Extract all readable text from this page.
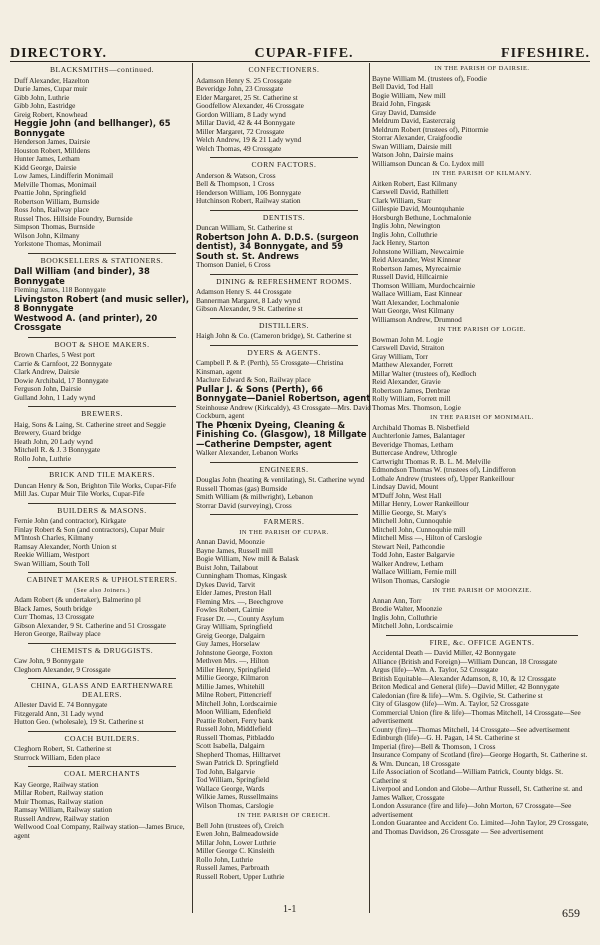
DIRECTORY.	CUPAR-FIFE.	FIFESHIRE.
BLACKSMITHS—continued.
Duff Alexander, Hazelton
Durie James, Cupar muir
Gibb John, Luthrie
Gibb John, Eastridge
Greig Robert, Knowhead
Heggie John (and bellhanger), 65 Bonnygate
Henderson James, Dairsie
Houston Robert, Milldens
Hunter James, Letham
Kidd George, Dairsie
Low James, Lindifferin Monimail
Melville Thomas, Monimail
Peattie John, Springfield
Robertson William, Burnside
Ross John, Railway place
Russel Thos. Hillside Foundry, Burnside
Simpson Thomas, Burnside
Wilson John, Kilmany
Yorkstone Thomas, Monimail
BOOKSELLERS & STATIONERS.
Dall William (and binder), 38 Bonnygate
Fleming James, 118 Bonnygate
Livingston Robert (and music seller), 8 Bonnygate
Westwood A. (and printer), 20 Crossgate
BOOT & SHOE MAKERS.
Brown Charles, 5 West port
Carrie & Carnfoot, 22 Bonnygate
Clark Andrew, Dairsie
Dowie Archibald, 17 Bonnygate
Ferguson John, Dairsie
Gulland John, 1 Lady wynd
BREWERS.
Haig, Sons & Laing, St. Catherine street and Seggie Brewery, Guard bridge
Heath John, 20 Lady wynd
Mitchell R. & J. 3 Bonnygate
Rollo John, Luthrie
BRICK AND TILE MAKERS.
Duncan Henry & Son, Brighton Tile Works, Cupar-Fife
Mill Jas. Cupar Muir Tile Works, Cupar-Fife
BUILDERS & MASONS.
Fernie John (and contractor), Kirkgate
Finlay Robert & Son (and contractors), Cupar Muir
M'Intosh Charles, Kilmany
Ramsay Alexander, North Union st
Reekie William, Westport
Swan William, South Toll
CABINET MAKERS & UPHOLSTERERS.
(See also Joiners.)
Adam Robert (& undertaker), Balmerino pl
Black James, South bridge
Curr Thomas, 13 Crossgate
Gibson Alexander, 9 St. Catherine and 51 Crossgate
Heron George, Railway place
CHEMISTS & DRUGGISTS.
Caw John, 9 Bonnygate
Cleghorn Alexander, 9 Crossgate
CHINA, GLASS AND EARTHENWARE DEALERS.
Allester David E. 74 Bonnygate
Fitzgerald Ann, 31 Lady wynd
Hutton Geo. (wholesale), 19 St. Catherine st
COACH BUILDERS.
Cleghorn Robert, St. Catherine st
Sturrock William, Eden place
COAL MERCHANTS
Kay George, Railway station
Millar Robert, Railway station
Muir Thomas, Railway station
Ramsay William, Railway station
Russell Andrew, Railway station
Wellwood Coal Company, Railway station—James Bruce, agent
CONFECTIONERS.
Adamson Henry S. 25 Crossgate
Beveridge John, 23 Crossgate
Elder Margaret, 25 St. Catherine st
Goodfellow Alexander, 46 Crossgate
Gordon William, 8 Lady wynd
Millar David, 42 & 44 Bonnygate
Miller Margaret, 72 Crossgate
Welch Andrew, 19 & 21 Lady wynd
Welch Thomas, 49 Crossgate
CORN FACTORS.
Anderson & Watson, Cross
Bell & Thompson, 1 Cross
Henderson William, 106 Bonnygate
Hutchinson Robert, Railway station
DENTISTS.
Duncan William, St. Catherine st
Robertson John A. D.D.S. (surgeon dentist), 34 Bonnygate, and 59 South st. St. Andrews
Thomson Daniel, 6 Cross
DINING & REFRESHMENT ROOMS.
Adamson Henry S. 44 Crossgate
Bannerman Margaret, 8 Lady wynd
Gibson Alexander, 9 St. Catherine st
DISTILLERS.
Haigh John & Co. (Cameron bridge), St. Catherine st
DYERS & AGENTS.
Campbell P. & P. (Perth), 55 Crossgate—Christina Kinsman, agent
Maclure Edward & Son, Railway place
Pullar J. & Sons (Perth), 66 Bonnygate—Daniel Robertson, agent
Steinhouse Andrew (Kirkcaldy), 43 Crossgate—Mrs. David Cockburn, agent
The Phœnix Dyeing, Cleaning & Finishing Co. (Glasgow), 18 Millgate—Catherine Dempster, agent
Walker Alexander, Lebanon Works
ENGINEERS.
Douglas John (heating & ventilating), St. Catherine wynd
Russell Thomas (gas) Burnside
Smith William (& millwright), Lebanon
Storrar David (surveying), Cross
FARMERS.
IN THE PARISH OF CUPAR.
Annan David, Moonzie
Bayne James, Russell mill
Bogie William, New mill & Balask
Buist John, Tailabout
Cunningham Thomas, Kingask
Dykes David, Tarvit
Elder James, Preston Hall
Fleming Mrs. —, Beechgrove
Fowles Robert, Cairnie
Fraser Dr. —, County Asylum
Gray William, Springfield
Greig George, Dalgairn
Guy James, Horselaw
Johnstone George, Foxton
Methven Mrs. —, Hilton
Miller Henry, Springfield
Millie George, Kilmaron
Millie James, Whitehill
Milne Robert, Pittencrieff
Mitchell John, Lordscairnie
Moon William, Edenfield
Peattie Robert, Ferry bank
Russell John, Middlefield
Russell Thomas, Pitbladdo
Scott Isabella, Dalgairn
Shepherd Thomas, Hilltarvet
Swan Patrick D. Springfield
Tod John, Balgarvie
Tod William, Springfield
Wallace George, Wards
Wilkie James, Russellmains
Wilson Thomas, Carslogie
IN THE PARISH OF CREICH.
Bell John (trustees of), Creich
Ewen John, Balmeadowside
Millar John, Lower Luthrie
Miller George C. Kinsleith
Rollo John, Luthrie
Russell James, Parbroath
Russell Robert, Upper Luthrie
IN THE PARISH OF DAIRSIE.
Bayne William M. (trustees of), Foodie
Bell David, Tod Hall
Bogie William, New mill
Braid John, Fingask
Gray David, Damside
Meldrum David, Eastercraig
Meldrum Robert (trustees of), Pittormie
Storrar Alexander, Craigfoodie
Swan William, Dairsie mill
Watson John, Dairsie mains
Williamson Duncan & Co. Lydox mill
IN THE PARISH OF KILMANY.
Aitken Robert, East Kilmany
Carswell David, Rathillett
Clark William, Starr
Gillespie David, Mountquhanie
Horsburgh Bethune, Lochmalonie
Inglis John, Newington
Inglis John, Colluthrie
Jack Henry, Starton
Johnstone William, Newcairnie
Reid Alexander, West Kinnear
Robertson James, Myrecairnie
Russell David, Hillcairnie
Thomson William, Murdochcairnie
Wallace William, East Kinnear
Watt Alexander, Lochmalonie
Watt George, West Kilmany
Williamson Andrew, Drumnod
IN THE PARISH OF LOGIE.
Bowman John M. Logie
Carswell David, Straiton
Gray William, Torr
Matthew Alexander, Forrett
Millar Walter (trustees of), Kedloch
Reid Alexander, Gravie
Robertson James, Denbrae
Rolly William, Forrett mill
Thomas Mrs. Thomson, Logie
IN THE PARISH OF MONIMAIL.
Archibald Thomas B. Nisbetfield
Auchterlonie James, Balantager
Beveridge Thomas, Letham
Buttercase Andrew, Uthrogle
Cartwright Thomas R. B. L. M. Melville
Edmondson Thomas W. (trustees of), Lindifferon
Lothale Andrew (trustees of), Upper Rankeillour
Lindsay David, Mount
M'Duff John, West Hall
Millar Henry, Lower Rankeillour
Millie George, St. Mary's
Mitchell John, Cunnoquhie
Mitchell John, Cunnoquhie mill
Mitchell Miss —, Hilton of Carslogie
Stewart Neil, Pathcondie
Todd John, Easter Balgarvie
Walker Andrew, Letham
Wallace William, Fernie mill
Wilson Thomas, Carslogie
IN THE PARISH OF MOONZIE.
Annan Ann, Torr
Brodie Walter, Moonzie
Inglis John, Colluthrie
Mitchell John, Lordscairnie
FIRE, &c. OFFICE AGENTS.
Accidental Death — David Miller, 42 Bonnygate
Alliance (British and Foreign)—William Duncan, 18 Crossgate
Argus (life)—Wm. A. Taylor, 52 Crossgate
British Equitable—Alexander Adamson, 8, 10, & 12 Crossgate
Briton Medical and General (life)—David Miller, 42 Bonnygate
Caledonian (fire & life)—Wm. S. Ogilvie, St. Catherine st
City of Glasgow (life)—Wm. A. Taylor, 52 Crossgate
Commercial Union (fire & life)—Thomas Mitchell, 14 Crossgate—See advertisement
County (fire)—Thomas Mitchell, 14 Crossgate—See advertisement
Edinburgh (life)—G. H. Pagan, 14 St. Catherine st
Imperial (fire)—Bell & Thomson, 1 Cross
Insurance Company of Scotland (fire)—George Hogarth, St. Catherine st. & Wm. Duncan, 18 Crossgate
Life Association of Scotland—William Patrick, County bldgs. St. Catherine st
Liverpool and London and Globe—Arthur Russell, St. Catherine st. and James Walker, Crossgate
London Assurance (fire and life)—John Morton, 67 Crossgate—See advertisement
London Guarantee and Accident Co. Limited—John Taylor, 29 Crossgate, and Thomas Davidson, 26 Crossgate — See advertisement
1-1	659
